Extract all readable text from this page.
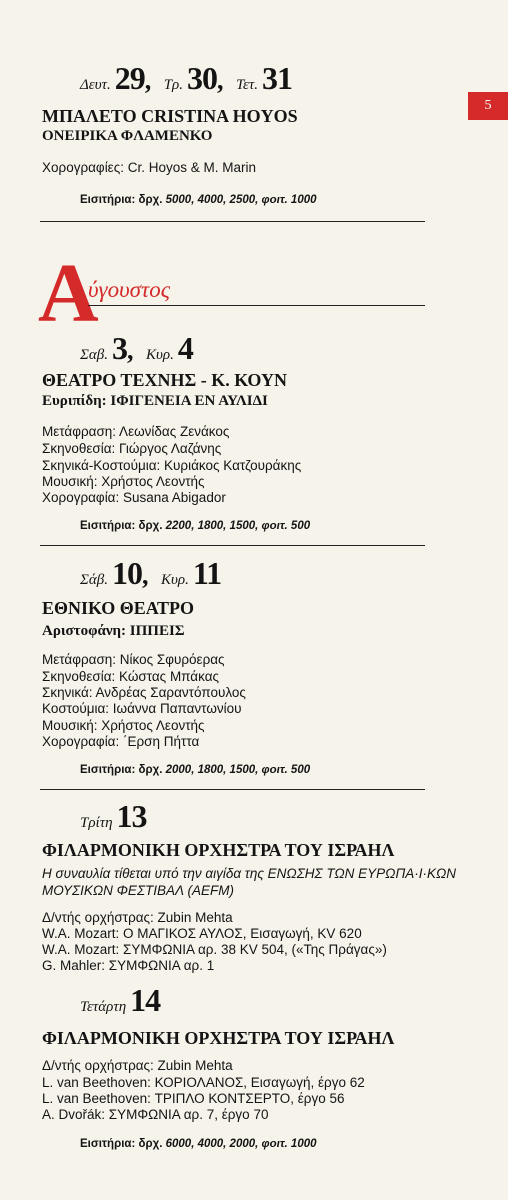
5
Δευτ. 29, Τρ. 30, Τετ. 31
ΜΠΑΛΕΤΟ CRISTINA HOYOS
ΟΝΕΙΡΙΚΑ ΦΛΑΜΕΝΚΟ
Χορογραφίες: Cr. Hoyos & M. Marin
Εισιτήρια: δρχ. 5000, 4000, 2500, φοιτ. 1000
Α
ύγουστος
Σαβ. 3, Κυρ. 4
ΘΕΑΤΡΟ ΤΕΧΝΗΣ - Κ. ΚΟΥΝ
Ευριπίδη: ΙΦΙΓΕΝΕΙΑ ΕΝ ΑΥΛΙΔΙ
Μετάφραση: Λεωνίδας Ζενάκος
Σκηνοθεσία: Γιώργος Λαζάνης
Σκηνικά-Κοστούμια: Κυριάκος Κατζουράκης
Μουσική: Χρήστος Λεοντής
Χορογραφία: Susana Abigador
Εισιτήρια: δρχ. 2200, 1800, 1500, φοιτ. 500
Σάβ. 10, Κυρ. 11
ΕΘΝΙΚΟ ΘΕΑΤΡΟ
Αριστοφάνη: ΙΠΠΕΙΣ
Μετάφραση: Νίκος Σφυρόερας
Σκηνοθεσία: Κώστας Μπάκας
Σκηνικά: Ανδρέας Σαραντόπουλος
Κοστούμια: Ιωάννα Παπαντωνίου
Μουσική: Χρήστος Λεοντής
Χορογραφία: ΄Ερση Πήττα
Εισιτήρια: δρχ. 2000, 1800, 1500, φοιτ. 500
Τρίτη 13
ΦΙΛΑΡΜΟΝΙΚΗ ΟΡΧΗΣΤΡΑ ΤΟΥ ΙΣΡΑΗΛ
Η συναυλία τίθεται υπό την αιγίδα της ΕΝΩΣΗΣ ΤΩΝ ΕΥΡΩΠΑ·Ι·ΚΩΝ
ΜΟΥΣΙΚΩΝ ΦΕΣΤΙΒΑΛ (AEFM)
Δ/ντής ορχήστρας: Zubin Mehta
W.A. Mozart: Ο ΜΑΓΙΚΟΣ ΑΥΛΟΣ, Εισαγωγή, KV 620
W.A. Mozart: ΣΥΜΦΩΝΙΑ αρ. 38 KV 504, («Της Πράγας»)
G. Mahler: ΣΥΜΦΩΝΙΑ αρ. 1
Τετάρτη 14
ΦΙΛΑΡΜΟΝΙΚΗ ΟΡΧΗΣΤΡΑ ΤΟΥ ΙΣΡΑΗΛ
Δ/ντής ορχήστρας: Zubin Mehta
L. van Beethoven: ΚΟΡΙΟΛΑΝΟΣ, Εισαγωγή, έργο 62
L. van Beethoven: ΤΡΙΠΛΟ ΚΟΝΤΣΕΡΤΟ, έργο 56
A. Dvořák: ΣΥΜΦΩΝΙΑ αρ. 7, έργο 70
Εισιτήρια: δρχ. 6000, 4000, 2000, φοιτ. 1000
